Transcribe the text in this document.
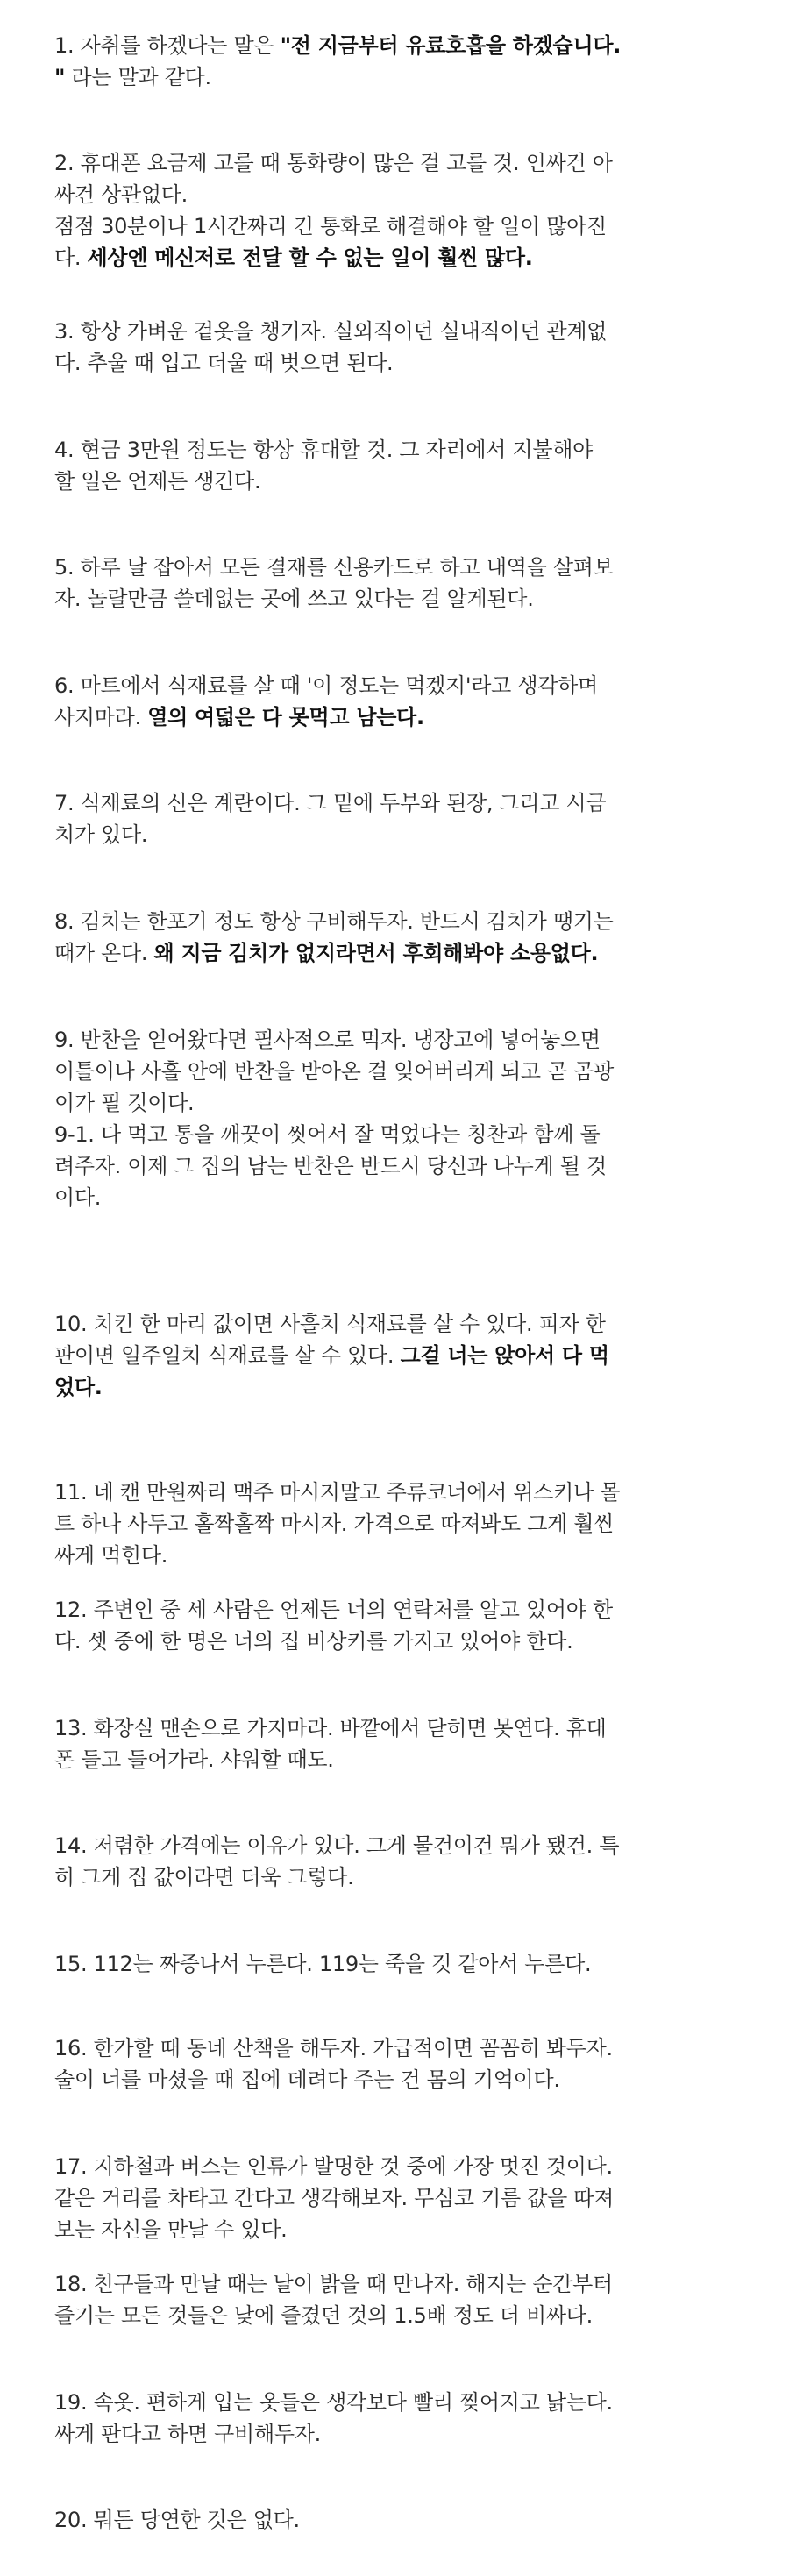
1. 자취를 하겠다는 말은 "전 지금부터 유료호흡을 하겠습니다.
" 라는 말과 같다.

2. 휴대폰 요금제 고를 때 통화량이 많은 걸 고를 것. 인싸건 아
싸건 상관없다.
점점 30분이나 1시간짜리 긴 통화로 해결해야 할 일이 많아진
다. 세상엔 메신저로 전달 할 수 없는 일이 훨씬 많다.

3. 항상 가벼운 겉옷을 챙기자. 실외직이던 실내직이던 관계없
다. 추울 때 입고 더울 때 벗으면 된다.

4. 현금 3만원 정도는 항상 휴대할 것. 그 자리에서 지불해야
할 일은 언제든 생긴다.

5. 하루 날 잡아서 모든 결재를 신용카드로 하고 내역을 살펴보
자. 놀랄만큼 쓸데없는 곳에 쓰고 있다는 걸 알게된다.

6. 마트에서 식재료를 살 때 '이 정도는 먹겠지'라고 생각하며
사지마라. 열의 여덟은 다 못먹고 남는다.

7. 식재료의 신은 계란이다. 그 밑에 두부와 된장, 그리고 시금
치가 있다.

8. 김치는 한포기 정도 항상 구비해두자. 반드시 김치가 땡기는
때가 온다. 왜 지금 김치가 없지라면서 후회해봐야 소용없다.

9. 반찬을 얻어왔다면 필사적으로 먹자. 냉장고에 넣어놓으면
이틀이나 사흘 안에 반찬을 받아온 걸 잊어버리게 되고 곧 곰팡
이가 필 것이다.
9-1. 다 먹고 통을 깨끗이 씻어서 잘 먹었다는 칭찬과 함께 돌
려주자. 이제 그 집의 남는 반찬은 반드시 당신과 나누게 될 것
이다.

10. 치킨 한 마리 값이면 사흘치 식재료를 살 수 있다. 피자 한
판이면 일주일치 식재료를 살 수 있다. 그걸 너는 앉아서 다 먹
었다.

11. 네 캔 만원짜리 맥주 마시지말고 주류코너에서 위스키나 몰
트 하나 사두고 홀짝홀짝 마시자. 가격으로 따져봐도 그게 훨씬
싸게 먹힌다.

12. 주변인 중 세 사람은 언제든 너의 연락처를 알고 있어야 한
다. 셋 중에 한 명은 너의 집 비상키를 가지고 있어야 한다.

13. 화장실 맨손으로 가지마라. 바깥에서 닫히면 못연다. 휴대
폰 들고 들어가라. 샤워할 때도.

14. 저렴한 가격에는 이유가 있다. 그게 물건이건 뭐가 됐건. 특
히 그게 집 값이라면 더욱 그렇다.

15. 112는 짜증나서 누른다. 119는 죽을 것 같아서 누른다.

16. 한가할 때 동네 산책을 해두자. 가급적이면 꼼꼼히 봐두자.
술이 너를 마셨을 때 집에 데려다 주는 건 몸의 기억이다.

17. 지하철과 버스는 인류가 발명한 것 중에 가장 멋진 것이다.
같은 거리를 차타고 간다고 생각해보자. 무심코 기름 값을 따져
보는 자신을 만날 수 있다.

18. 친구들과 만날 때는 날이 밝을 때 만나자. 해지는 순간부터
즐기는 모든 것들은 낮에 즐겼던 것의 1.5배 정도 더 비싸다.

19. 속옷. 편하게 입는 옷들은 생각보다 빨리 찢어지고 낡는다.
싸게 판다고 하면 구비해두자.

20. 뭐든 당연한 것은 없다.
